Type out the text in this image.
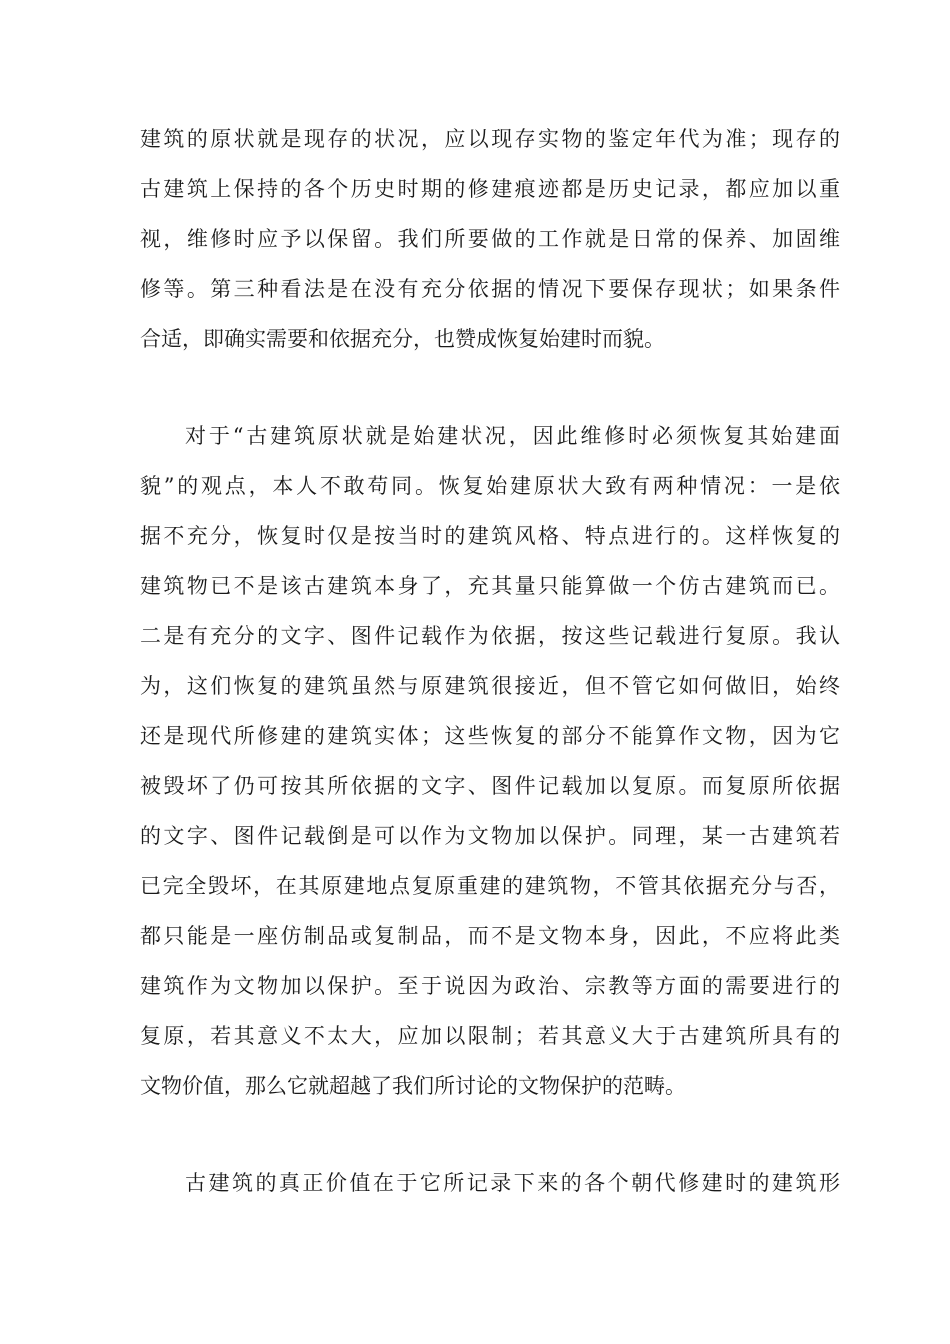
建筑的原状就是现存的状况，应以现存实物的鉴定年代为准；现存的

古建筑上保持的各个历史时期的修建痕迹都是历史记录，都应加以重

视，维修时应予以保留。我们所要做的工作就是日常的保养、加固维

修等。第三种看法是在没有充分依据的情况下要保存现状；如果条件

合适，即确实需要和依据充分，也赞成恢复始建时而貌。

对于“古建筑原状就是始建状况，因此维修时必须恢复其始建面

貌”的观点，本人不敢苟同。恢复始建原状大致有两种情况：一是依

据不充分，恢复时仅是按当时的建筑风格、特点进行的。这样恢复的

建筑物已不是该古建筑本身了，充其量只能算做一个仿古建筑而已。

二是有充分的文字、图件记载作为依据，按这些记载进行复原。我认

为，这们恢复的建筑虽然与原建筑很接近，但不管它如何做旧，始终

还是现代所修建的建筑实体；这些恢复的部分不能算作文物，因为它

被毁坏了仍可按其所依据的文字、图件记载加以复原。而复原所依据

的文字、图件记载倒是可以作为文物加以保护。同理，某一古建筑若

已完全毁坏，在其原建地点复原重建的建筑物，不管其依据充分与否，

都只能是一座仿制品或复制品，而不是文物本身，因此，不应将此类

建筑作为文物加以保护。至于说因为政治、宗教等方面的需要进行的

复原，若其意义不太大，应加以限制；若其意义大于古建筑所具有的

文物价值，那么它就超越了我们所讨论的文物保护的范畴。

古建筑的真正价值在于它所记录下来的各个朝代修建时的建筑形
